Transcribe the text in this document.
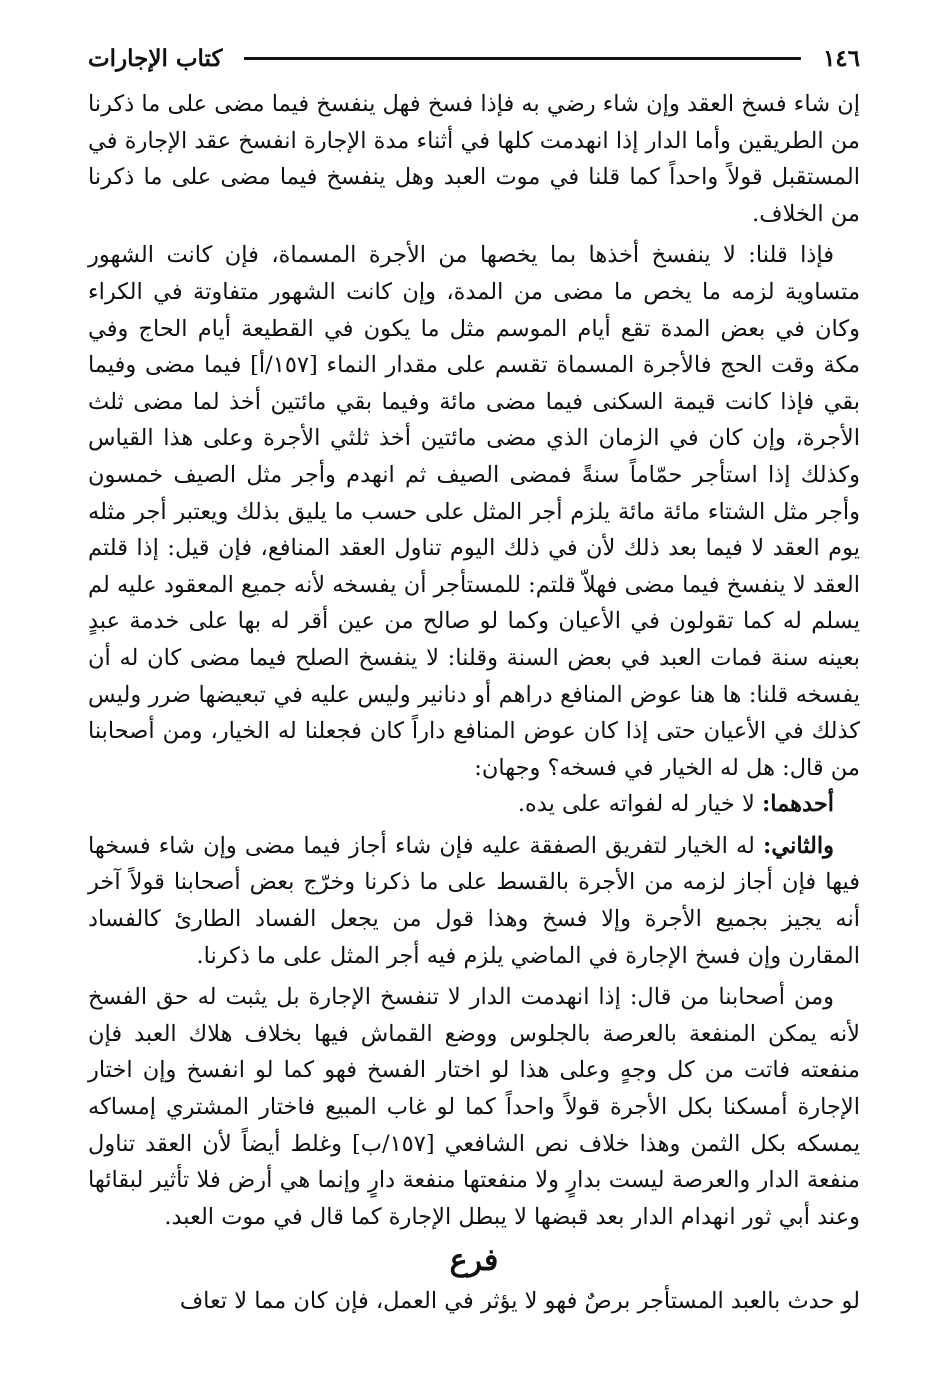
١٤٦
كتاب الإجارات

إن شاء فسخ العقد وإن شاء رضي به فإذا فسخ فهل ينفسخ فيما مضى على ما ذكرنا من الطريقين وأما الدار إذا انهدمت كلها في أثناء مدة الإجارة انفسخ عقد الإجارة في المستقبل قولاً واحداً كما قلنا في موت العبد وهل ينفسخ فيما مضى على ما ذكرنا من الخلاف.

فإذا قلنا: لا ينفسخ أخذها بما يخصها من الأجرة المسماة، فإن كانت الشهور متساوية لزمه ما يخص ما مضى من المدة، وإن كانت الشهور متفاوتة في الكراء وكان في بعض المدة تقع أيام الموسم مثل ما يكون في القطيعة أيام الحاج وفي مكة وقت الحج فالأجرة المسماة تقسم على مقدار النماء [١٥٧/أ] فيما مضى وفيما بقي فإذا كانت قيمة السكنى فيما مضى مائة وفيما بقي مائتين أخذ لما مضى ثلث الأجرة، وإن كان في الزمان الذي مضى مائتين أخذ ثلثي الأجرة وعلى هذا القياس وكذلك إذا استأجر حمّاماً سنةً فمضى الصيف ثم انهدم وأجر مثل الصيف خمسون وأجر مثل الشتاء مائة مائة يلزم أجر المثل على حسب ما يليق بذلك ويعتبر أجر مثله يوم العقد لا فيما بعد ذلك لأن في ذلك اليوم تناول العقد المنافع، فإن قيل: إذا قلتم العقد لا ينفسخ فيما مضى فهلاّ قلتم: للمستأجر أن يفسخه لأنه جميع المعقود عليه لم يسلم له كما تقولون في الأعيان وكما لو صالح من عين أقر له بها على خدمة عبدٍ بعينه سنة فمات العبد في بعض السنة وقلنا: لا ينفسخ الصلح فيما مضى كان له أن يفسخه قلنا: ها هنا عوض المنافع دراهم أو دنانير وليس عليه في تبعيضها ضرر وليس كذلك في الأعيان حتى إذا كان عوض المنافع داراً كان فجعلنا له الخيار، ومن أصحابنا من قال: هل له الخيار في فسخه؟ وجهان:

أحدهما: لا خيار له لفواته على يده.

والثاني: له الخيار لتفريق الصفقة عليه فإن شاء أجاز فيما مضى وإن شاء فسخها فيها فإن أجاز لزمه من الأجرة بالقسط على ما ذكرنا وخرّج بعض أصحابنا قولاً آخر أنه يجيز بجميع الأجرة وإلا فسخ وهذا قول من يجعل الفساد الطارئ كالفساد المقارن وإن فسخ الإجارة في الماضي يلزم فيه أجر المثل على ما ذكرنا.

ومن أصحابنا من قال: إذا انهدمت الدار لا تنفسخ الإجارة بل يثبت له حق الفسخ لأنه يمكن المنفعة بالعرصة بالجلوس ووضع القماش فيها بخلاف هلاك العبد فإن منفعته فاتت من كل وجهٍ وعلى هذا لو اختار الفسخ فهو كما لو انفسخ وإن اختار الإجارة أمسكنا بكل الأجرة قولاً واحداً كما لو غاب المبيع فاختار المشتري إمساكه يمسكه بكل الثمن وهذا خلاف نص الشافعي [١٥٧/ب] وغلط أيضاً لأن العقد تناول منفعة الدار والعرصة ليست بدارٍ ولا منفعتها منفعة دارٍ وإنما هي أرض فلا تأثير لبقائها وعند أبي ثور انهدام الدار بعد قبضها لا يبطل الإجارة كما قال في موت العبد.

فرع

لو حدث بالعبد المستأجر برصٌ فهو لا يؤثر في العمل، فإن كان مما لا تعاف
